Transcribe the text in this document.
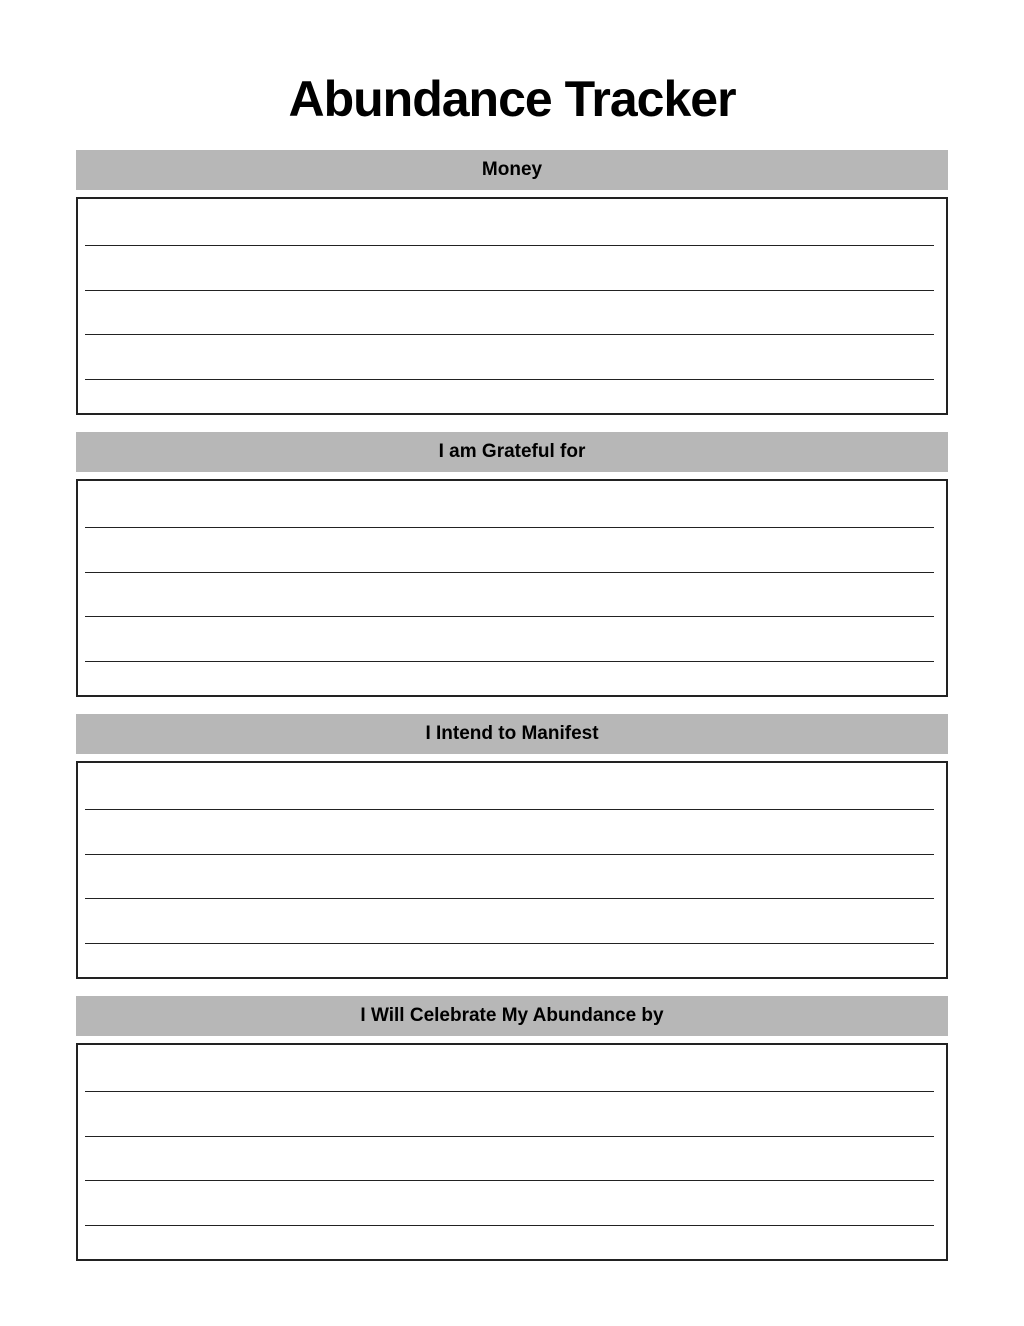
Abundance Tracker
Money
I am Grateful for
I Intend to Manifest
I Will Celebrate My Abundance by
